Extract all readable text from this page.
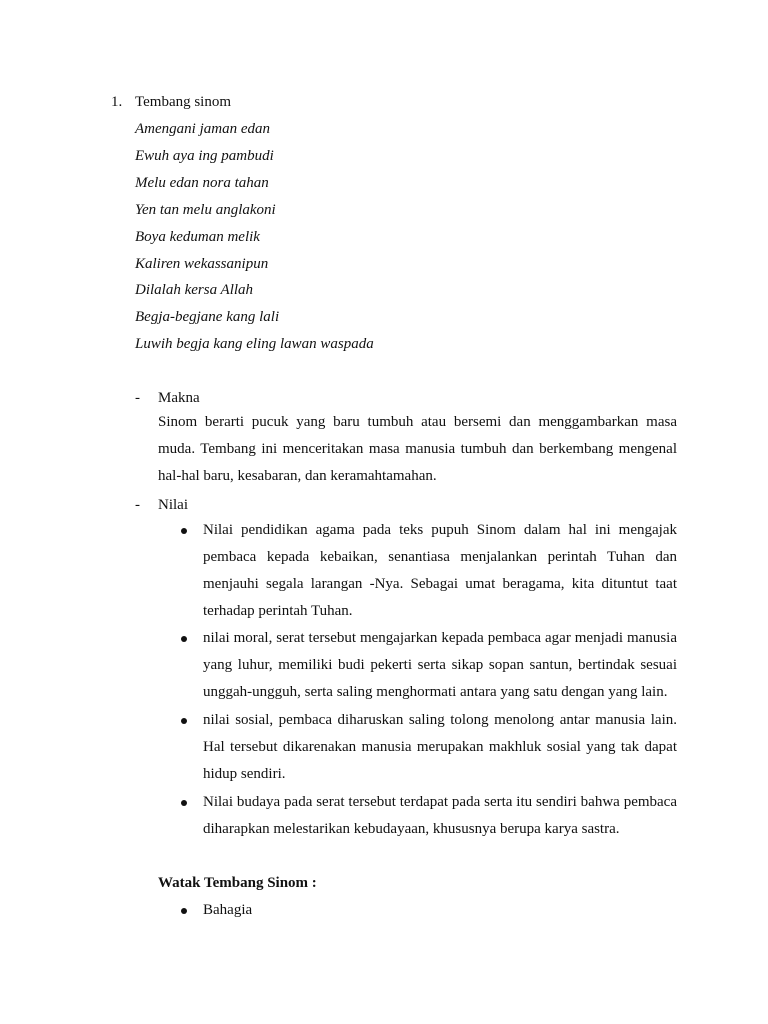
1. Tembang sinom
Amengani jaman edan
Ewuh aya ing pambudi
Melu edan nora tahan
Yen tan melu anglakoni
Boya keduman melik
Kaliren wekassanipun
Dilalah kersa Allah
Begja-begjane kang lali
Luwih begja kang eling lawan waspada
- Makna
Sinom berarti pucuk yang baru tumbuh atau bersemi dan menggambarkan masa muda. Tembang ini menceritakan masa manusia tumbuh dan berkembang mengenal hal-hal baru, kesabaran, dan keramahtamahan.
- Nilai
Nilai pendidikan agama pada teks pupuh Sinom dalam hal ini mengajak pembaca kepada kebaikan, senantiasa menjalankan perintah Tuhan dan menjauhi segala larangan -Nya. Sebagai umat beragama, kita dituntut taat terhadap perintah Tuhan.
nilai moral, serat tersebut mengajarkan kepada pembaca agar menjadi manusia yang luhur, memiliki budi pekerti serta sikap sopan santun, bertindak sesuai unggah-ungguh, serta saling menghormati antara yang satu dengan yang lain.
nilai sosial, pembaca diharuskan saling tolong menolong antar manusia lain. Hal tersebut dikarenakan manusia merupakan makhluk sosial yang tak dapat hidup sendiri.
Nilai budaya pada serat tersebut terdapat pada serta itu sendiri bahwa pembaca diharapkan melestarikan kebudayaan, khususnya berupa karya sastra.
Watak Tembang Sinom :
Bahagia
